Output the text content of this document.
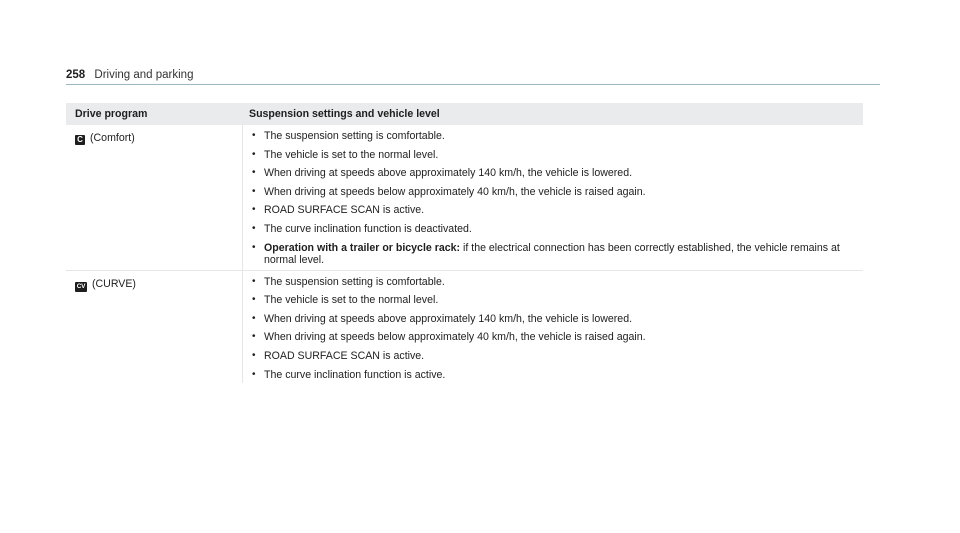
258 Driving and parking
Drive program	Suspension settings and vehicle level
C (Comfort)	• The suspension setting is comfortable.
• The vehicle is set to the normal level.
• When driving at speeds above approximately 140 km/h, the vehicle is lowered.
• When driving at speeds below approximately 40 km/h, the vehicle is raised again.
• ROAD SURFACE SCAN is active.
• The curve inclination function is deactivated.
• Operation with a trailer or bicycle rack: if the electrical connection has been correctly established, the vehicle remains at normal level.
CV (CURVE)	• The suspension setting is comfortable.
• The vehicle is set to the normal level.
• When driving at speeds above approximately 140 km/h, the vehicle is lowered.
• When driving at speeds below approximately 40 km/h, the vehicle is raised again.
• ROAD SURFACE SCAN is active.
• The curve inclination function is active.
